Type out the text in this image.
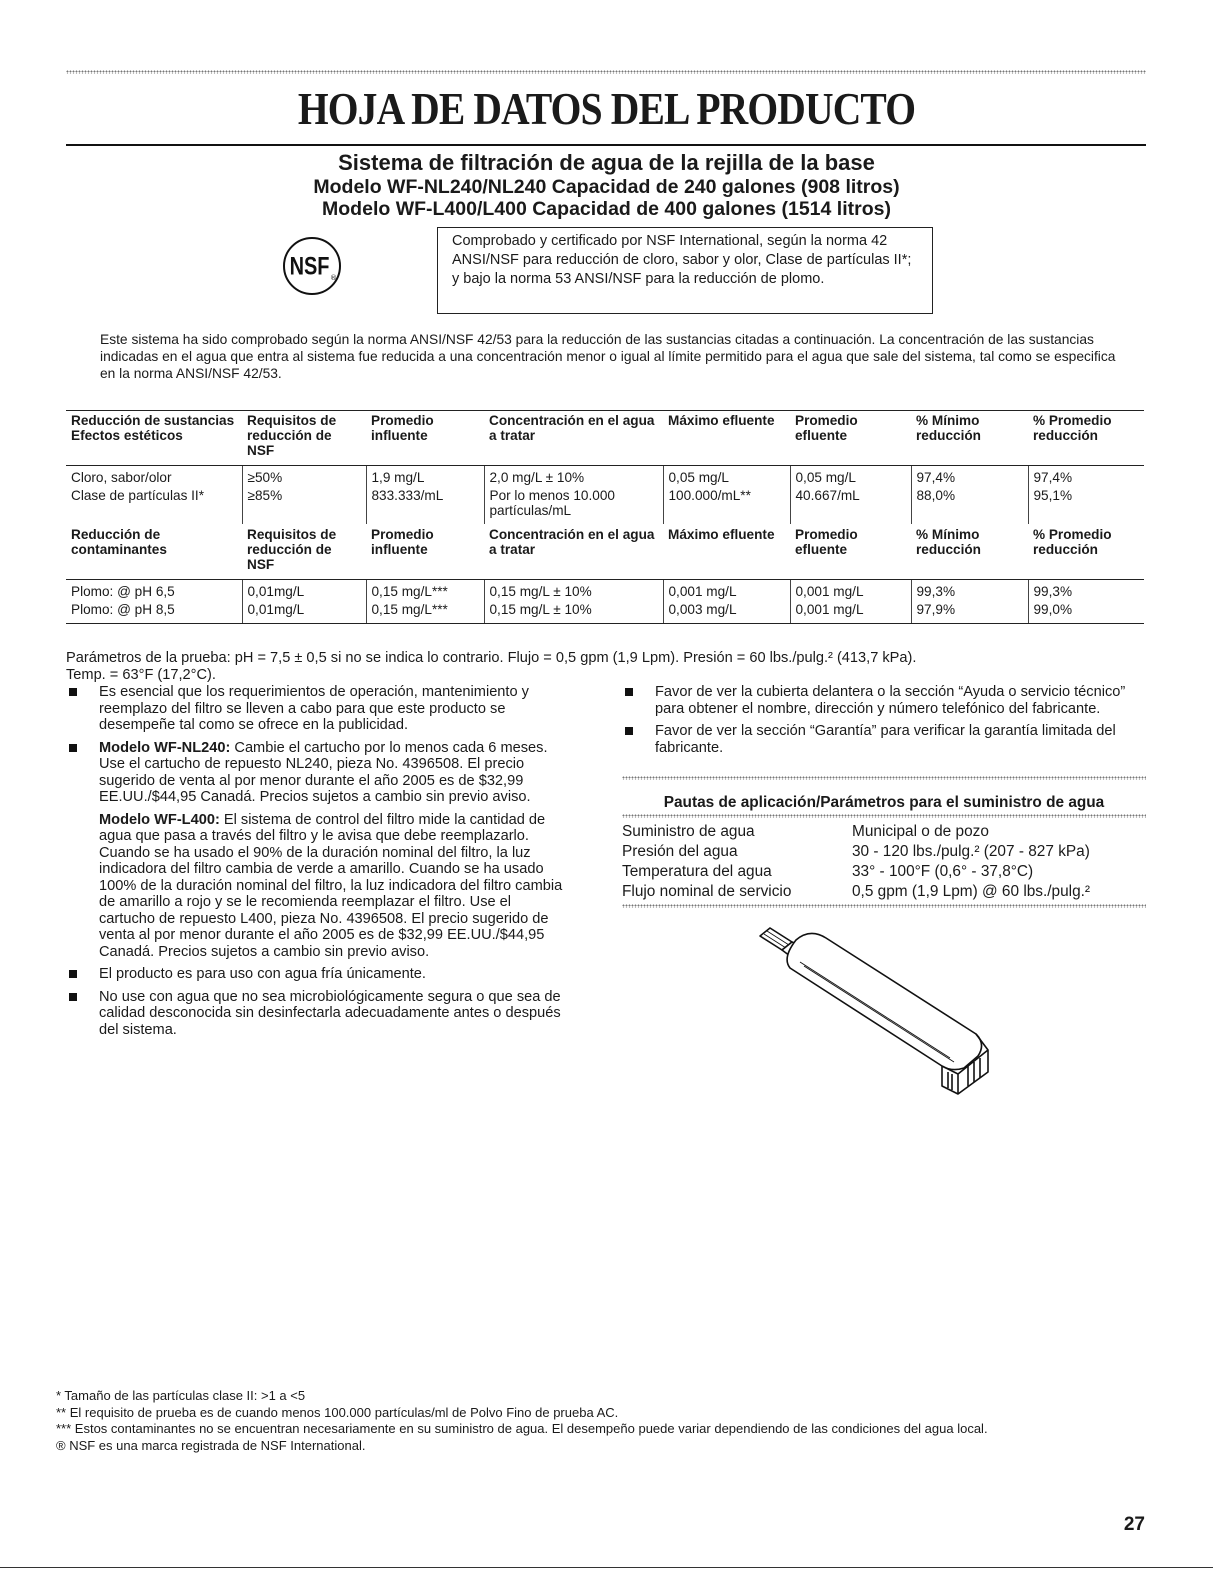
HOJA DE DATOS DEL PRODUCTO
Sistema de filtración de agua de la rejilla de la base
Modelo WF-NL240/NL240 Capacidad de 240 galones (908 litros)
Modelo WF-L400/L400 Capacidad de 400 galones (1514 litros)
NSF ®
Comprobado y certificado por NSF International, según la norma 42 ANSI/NSF para reducción de cloro, sabor y olor, Clase de partículas II*; y bajo la norma 53 ANSI/NSF para la reducción de plomo.
Este sistema ha sido comprobado según la norma ANSI/NSF 42/53 para la reducción de las sustancias citadas a continuación. La concentración de las sustancias indicadas en el agua que entra al sistema fue reducida a una concentración menor o igual al límite permitido para el agua que sale del sistema, tal como se especifica en la norma ANSI/NSF 42/53.
Reducción de sustancias Efectos estéticos	Requisitos de reducción de NSF	Promedio influente	Concentración en el agua a tratar	Máximo efluente	Promedio efluente	% Mínimo reducción	% Promedio reducción
Cloro, sabor/olor	≥50%	1,9 mg/L	2,0 mg/L ± 10%	0,05 mg/L	0,05 mg/L	97,4%	97,4%
Clase de partículas II*	≥85%	833.333/mL	Por lo menos 10.000 partículas/mL	100.000/mL**	40.667/mL	88,0%	95,1%
Reducción de contaminantes	Requisitos de reducción de NSF	Promedio influente	Concentración en el agua a tratar	Máximo efluente	Promedio efluente	% Mínimo reducción	% Promedio reducción
Plomo: @ pH 6,5	0,01mg/L	0,15 mg/L***	0,15 mg/L ± 10%	0,001 mg/L	0,001 mg/L	99,3%	99,3%
Plomo: @ pH 8,5	0,01mg/L	0,15 mg/L***	0,15 mg/L ± 10%	0,003 mg/L	0,001 mg/L	97,9%	99,0%
Parámetros de la prueba: pH = 7,5 ± 0,5 si no se indica lo contrario. Flujo = 0,5 gpm (1,9 Lpm). Presión = 60 lbs./pulg.² (413,7 kPa).
Temp. = 63°F (17,2°C).
Es esencial que los requerimientos de operación, mantenimiento y reemplazo del filtro se lleven a cabo para que este producto se desempeñe tal como se ofrece en la publicidad.
Modelo WF-NL240: Cambie el cartucho por lo menos cada 6 meses. Use el cartucho de repuesto NL240, pieza No. 4396508. El precio sugerido de venta al por menor durante el año 2005 es de $32,99 EE.UU./$44,95 Canadá. Precios sujetos a cambio sin previo aviso.
Modelo WF-L400: El sistema de control del filtro mide la cantidad de agua que pasa a través del filtro y le avisa que debe reemplazarlo. Cuando se ha usado el 90% de la duración nominal del filtro, la luz indicadora del filtro cambia de verde a amarillo. Cuando se ha usado 100% de la duración nominal del filtro, la luz indicadora del filtro cambia de amarillo a rojo y se le recomienda reemplazar el filtro. Use el cartucho de repuesto L400, pieza No. 4396508. El precio sugerido de venta al por menor durante el año 2005 es de $32,99 EE.UU./$44,95 Canadá. Precios sujetos a cambio sin previo aviso.
El producto es para uso con agua fría únicamente.
No use con agua que no sea microbiológicamente segura o que sea de calidad desconocida sin desinfectarla adecuadamente antes o después del sistema.
Favor de ver la cubierta delantera o la sección “Ayuda o servicio técnico” para obtener el nombre, dirección y número telefónico del fabricante.
Favor de ver la sección “Garantía” para verificar la garantía limitada del fabricante.
Pautas de aplicación/Parámetros para el suministro de agua
Suministro de agua	Municipal o de pozo
Presión del agua	30 - 120 lbs./pulg.² (207 - 827 kPa)
Temperatura del agua	33° - 100°F (0,6° - 37,8°C)
Flujo nominal de servicio	0,5 gpm (1,9 Lpm) @ 60 lbs./pulg.²
* Tamaño de las partículas clase II: >1 a <5
** El requisito de prueba es de cuando menos 100.000 partículas/ml de Polvo Fino de prueba AC.
*** Estos contaminantes no se encuentran necesariamente en su suministro de agua. El desempeño puede variar dependiendo de las condiciones del agua local.
® NSF es una marca registrada de NSF International.
27
